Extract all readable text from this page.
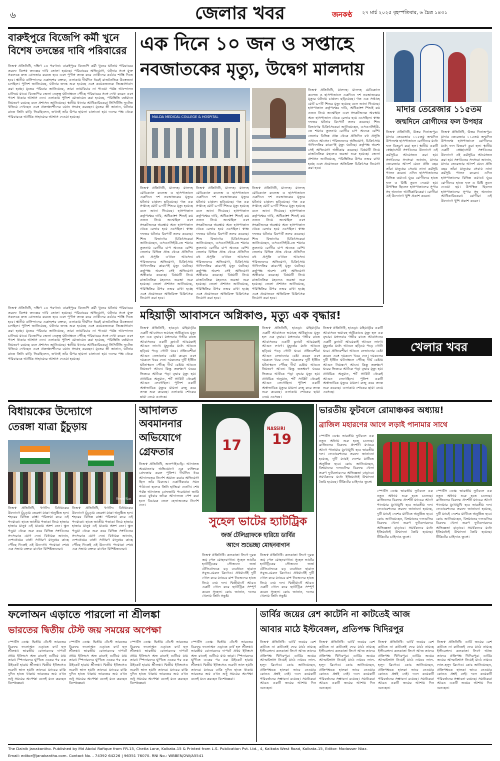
৬	জেলার খবর	জনকণ্ঠ ২৭ মার্চ ২০২৫ বৃহস্পতিবার, ৬ চৈত্র ১৪৩১
বারুইপুরে বিজেপি কর্মী খুনে বিশেষ তদন্তের দাবি পরিবারের
নিজস্ব প্রতিনিধি, দক্ষিণ ২৪ পরগনা: বারুইপুরে বিজেপি কর্মী খুনের ঘটনায় পরিবারের তরফে বিশেষ তদন্তের দাবি তোলা হয়েছে। পরিবারের অভিযোগ, ঘটনার সঙ্গে যুক্ত সকলকে দ্রুত গ্রেফতার করতে হবে এবং পূর্ণাঙ্গ তদন্ত করে দোষীদের কঠোর শাস্তি দিতে হবে। স্থানীয় বাসিন্দাদের একাংশের বক্তব্য, এলাকায় দীর্ঘদিন ধরেই রাজনৈতিক উত্তেজনা চলছিল। পুলিশ জানিয়েছে, ঘটনার তদন্ত শুরু হয়েছে এবং কয়েকজনকে জিজ্ঞাসাবাদ করা হচ্ছে। মৃতের পরিবার জানিয়েছে, তারা ন্যায়বিচার না পাওয়া পর্যন্ত আন্দোলন চালিয়ে যাবে। বিজেপির জেলা নেতৃত্ব ঘটনাস্থলে পৌঁছে পরিবারের সঙ্গে দেখা করেন এবং পাশে থাকার আশ্বাস দেন। এলাকায় পুলিশ মোতায়েন করা হয়েছে, পরিস্থিতি বর্তমানে নিয়ন্ত্রণে রয়েছে বলে প্রশাসন জানিয়েছে। স্থানীয় থানার আধিকারিকেরা সিসিটিভি ফুটেজ খতিয়ে দেখছেন এবং প্রত্যক্ষদর্শীদের বয়ান সংগ্রহ করছেন। মৃতের স্ত্রী জানান, ঘটনার রাতে তিনি বাড়ি ফিরছিলেন, তখনই তাঁর উপর হামলা চালানো হয়। দলের পক্ষ থেকে পরিবারকে আর্থিক সাহায্যের আশ্বাস দেওয়া হয়েছে।
এক দিনে ১০ জন ও সপ্তাহে
নবজাতকের মৃত্যু, উদ্বেগ মালদায়
MALDA MEDICAL COLLEGE & HOSPITAL
নিজস্ব প্রতিনিধি, মালদহ: মালদহ মেডিক্যাল কলেজ ও হাসপাতালে একদিনে দশ নবজাতকের মৃত্যুর ঘটনায় চাঞ্চল্য ছড়িয়েছে। গত এক সপ্তাহে মোট ৬০টি শিশুর মৃত্যু হয়েছে বলে জানা গিয়েছে। হাসপাতাল কর্তৃপক্ষের দাবি, অধিকাংশ শিশুই কম ওজন নিয়ে জন্মেছিল এবং সংকটজনক অবস্থায় অন্য হাসপাতাল থেকে রেফার হয়ে এসেছিল। স্বাস্থ্য দফতর ঘটনার রিপোর্ট তলব করেছে। শিশু বিভাগের চিকিৎসকেরা জানিয়েছেন, এসএনসিইউ-তে শয্যার তুলনায় রোগীর চাপ অনেক বেশি। জেলার বিভিন্ন প্রান্ত থেকে প্রতিদিন বহু প্রসূতি এখানে আসেন। পরিজনদের অভিযোগ, চিকিৎসায় গাফিলতির কারণেই মৃত্যু ঘটেছে। কর্তৃপক্ষ অবশ্য সেই অভিযোগ অস্বীকার করেছে। বিষয়টি নিয়ে রাজনৈতিক মহলেও তরজা শুরু হয়েছে। জেলা প্রশাসন জানিয়েছে, পরিস্থিতির উপর নজর রাখা হচ্ছে এবং প্রয়োজনে অতিরিক্ত চিকিৎসক নিয়োগ করা হবে।
নিজস্ব প্রতিনিধি, মালদহ: মালদহ মেডিক্যাল কলেজ ও হাসপাতালে একদিনে দশ নবজাতকের মৃত্যুর ঘটনায় চাঞ্চল্য ছড়িয়েছে। গত এক সপ্তাহে মোট ৬০টি শিশুর মৃত্যু হয়েছে বলে জানা গিয়েছে। হাসপাতাল কর্তৃপক্ষের দাবি, অধিকাংশ শিশুই কম ওজন নিয়ে জন্মেছিল এবং সংকটজনক অবস্থায় অন্য হাসপাতাল থেকে রেফার হয়ে এসেছিল। স্বাস্থ্য দফতর ঘটনার রিপোর্ট তলব করেছে। শিশু বিভাগের চিকিৎসকেরা জানিয়েছেন, এসএনসিইউ-তে শয্যার তুলনায় রোগীর চাপ অনেক বেশি। জেলার বিভিন্ন প্রান্ত থেকে প্রতিদিন বহু প্রসূতি এখানে আসেন। পরিজনদের অভিযোগ, চিকিৎসায় গাফিলতির কারণেই মৃত্যু ঘটেছে। কর্তৃপক্ষ অবশ্য সেই অভিযোগ অস্বীকার করেছে। বিষয়টি নিয়ে রাজনৈতিক মহলেও তরজা শুরু হয়েছে। জেলা প্রশাসন জানিয়েছে, পরিস্থিতির উপর নজর রাখা হচ্ছে এবং প্রয়োজনে অতিরিক্ত চিকিৎসক নিয়োগ করা হবে।
নিজস্ব প্রতিনিধি, মালদহ: মালদহ মেডিক্যাল কলেজ ও হাসপাতালে একদিনে দশ নবজাতকের মৃত্যুর ঘটনায় চাঞ্চল্য ছড়িয়েছে। গত এক সপ্তাহে মোট ৬০টি শিশুর মৃত্যু হয়েছে বলে জানা গিয়েছে। হাসপাতাল কর্তৃপক্ষের দাবি, অধিকাংশ শিশুই কম ওজন নিয়ে জন্মেছিল এবং সংকটজনক অবস্থায় অন্য হাসপাতাল থেকে রেফার হয়ে এসেছিল। স্বাস্থ্য দফতর ঘটনার রিপোর্ট তলব করেছে। শিশু বিভাগের চিকিৎসকেরা জানিয়েছেন, এসএনসিইউ-তে শয্যার তুলনায় রোগীর চাপ অনেক বেশি। জেলার বিভিন্ন প্রান্ত থেকে প্রতিদিন বহু প্রসূতি এখানে আসেন। পরিজনদের অভিযোগ, চিকিৎসায় গাফিলতির কারণেই মৃত্যু ঘটেছে। কর্তৃপক্ষ অবশ্য সেই অভিযোগ অস্বীকার করেছে। বিষয়টি নিয়ে রাজনৈতিক মহলেও তরজা শুরু হয়েছে। জেলা প্রশাসন জানিয়েছে, পরিস্থিতির উপর নজর রাখা হচ্ছে এবং প্রয়োজনে অতিরিক্ত চিকিৎসক নিয়োগ করা হবে।
নিজস্ব প্রতিনিধি, মালদহ: মালদহ মেডিক্যাল কলেজ ও হাসপাতালে একদিনে দশ নবজাতকের মৃত্যুর ঘটনায় চাঞ্চল্য ছড়িয়েছে। গত এক সপ্তাহে মোট ৬০টি শিশুর মৃত্যু হয়েছে বলে জানা গিয়েছে। হাসপাতাল কর্তৃপক্ষের দাবি, অধিকাংশ শিশুই কম ওজন নিয়ে জন্মেছিল এবং সংকটজনক অবস্থায় অন্য হাসপাতাল থেকে রেফার হয়ে এসেছিল। স্বাস্থ্য দফতর ঘটনার রিপোর্ট তলব করেছে। শিশু বিভাগের চিকিৎসকেরা জানিয়েছেন, এসএনসিইউ-তে শয্যার তুলনায় রোগীর চাপ অনেক বেশি। জেলার বিভিন্ন প্রান্ত থেকে প্রতিদিন বহু প্রসূতি এখানে আসেন। পরিজনদের অভিযোগ, চিকিৎসায় গাফিলতির কারণেই মৃত্যু ঘটেছে। কর্তৃপক্ষ অবশ্য সেই অভিযোগ অস্বীকার করেছে। বিষয়টি নিয়ে রাজনৈতিক মহলেও তরজা শুরু হয়েছে। জেলা প্রশাসন জানিয়েছে, পরিস্থিতির উপর নজর রাখা হচ্ছে এবং প্রয়োজনে অতিরিক্ত চিকিৎসক নিয়োগ করা হবে।
মাদার তেরেজার ১১৫তম
জন্মদিনে রোগীদের ফল উপহার
নিজস্ব প্রতিনিধি, উত্তর দিনাজপুর: মাদার তেরেজার ১১৫তম জন্মদিন উপলক্ষে হাসপাতালে রোগীদের মধ্যে ফল বিতরণ করা হল। স্থানীয় একটি স্বেচ্ছাসেবী সংগঠনের উদ্যোগে এই কর্মসূচির আয়োজন করা হয়। সংগঠনের সদস্যরা জানান, মাদার তেরেজার আদর্শ মেনে প্রতি বছর তাঁরা মানুষের সেবায় নানা কর্মসূচি পালন করেন। এদিন হাসপাতালের বিভিন্ন ওয়ার্ডে ঘুরে রোগীদের হাতে ফল ও মিষ্টি তুলে দেওয়া হয়। উপস্থিত ছিলেন হাসপাতালের সুপার সহ অন্যান্য আধিকারিকেরা। রোগীরা এই উদ্যোগে খুশি প্রকাশ করেন।
নিজস্ব প্রতিনিধি, উত্তর দিনাজপুর: মাদার তেরেজার ১১৫তম জন্মদিন উপলক্ষে হাসপাতালে রোগীদের মধ্যে ফল বিতরণ করা হল। স্থানীয় একটি স্বেচ্ছাসেবী সংগঠনের উদ্যোগে এই কর্মসূচির আয়োজন করা হয়। সংগঠনের সদস্যরা জানান, মাদার তেরেজার আদর্শ মেনে প্রতি বছর তাঁরা মানুষের সেবায় নানা কর্মসূচি পালন করেন। এদিন হাসপাতালের বিভিন্ন ওয়ার্ডে ঘুরে রোগীদের হাতে ফল ও মিষ্টি তুলে দেওয়া হয়। উপস্থিত ছিলেন হাসপাতালের সুপার সহ অন্যান্য আধিকারিকেরা। রোগীরা এই উদ্যোগে খুশি প্রকাশ করেন।
মহিয়াড়ী আবাসনে অগ্নিকাণ্ড, মৃত্যু এক বৃদ্ধার!
নিজস্ব প্রতিনিধি, হাওড়া: মহিয়াড়ীর একটি আবাসনে ভয়াবহ অগ্নিকাণ্ডে মৃত্যু হল এক বৃদ্ধার। মঙ্গলবার গভীর রাতে আবাসনের একটি ফ্ল্যাটে আচমকাই আগুন লাগে। মুহূর্তের মধ্যে আগুন ছড়িয়ে পড়ে গোটা ঘরে। প্রতিবেশীরা আগুন নেভানোর চেষ্টা করেন এবং দমকলে খবর দেন। দমকলের দুটি ইঞ্জিন ঘটনাস্থলে পৌঁছে দীর্ঘ চেষ্টায় আগুন নিয়ন্ত্রণে আনে। কিন্তু ততক্ষণে ঘরের ভিতরে আটকে পড়া বৃদ্ধার মৃত্যু হয়। প্রাথমিক অনুমান, শর্ট সার্কিট থেকেই আগুন লেগেছিল। পুলিশ একটি অস্বাভাবিক মৃত্যুর মামলা রুজু করে তদন্ত শুরু করেছে। এলাকায় শোকের ছায়া নেমে এসেছে।
নিজস্ব প্রতিনিধি, হাওড়া: মহিয়াড়ীর একটি আবাসনে ভয়াবহ অগ্নিকাণ্ডে মৃত্যু হল এক বৃদ্ধার। মঙ্গলবার গভীর রাতে আবাসনের একটি ফ্ল্যাটে আচমকাই আগুন লাগে। মুহূর্তের মধ্যে আগুন ছড়িয়ে পড়ে গোটা ঘরে। প্রতিবেশীরা আগুন নেভানোর চেষ্টা করেন এবং দমকলে খবর দেন। দমকলের দুটি ইঞ্জিন ঘটনাস্থলে পৌঁছে দীর্ঘ চেষ্টায় আগুন নিয়ন্ত্রণে আনে। কিন্তু ততক্ষণে ঘরের ভিতরে আটকে পড়া বৃদ্ধার মৃত্যু হয়। প্রাথমিক অনুমান, শর্ট সার্কিট থেকেই আগুন লেগেছিল। পুলিশ একটি অস্বাভাবিক মৃত্যুর মামলা রুজু করে তদন্ত শুরু করেছে। এলাকায় শোকের ছায়া নেমে এসেছে।
নিজস্ব প্রতিনিধি, হাওড়া: মহিয়াড়ীর একটি আবাসনে ভয়াবহ অগ্নিকাণ্ডে মৃত্যু হল এক বৃদ্ধার। মঙ্গলবার গভীর রাতে আবাসনের একটি ফ্ল্যাটে আচমকাই আগুন লাগে। মুহূর্তের মধ্যে আগুন ছড়িয়ে পড়ে গোটা ঘরে। প্রতিবেশীরা আগুন নেভানোর চেষ্টা করেন এবং দমকলে খবর দেন। দমকলের দুটি ইঞ্জিন ঘটনাস্থলে পৌঁছে দীর্ঘ চেষ্টায় আগুন নিয়ন্ত্রণে আনে। কিন্তু ততক্ষণে ঘরের ভিতরে আটকে পড়া বৃদ্ধার মৃত্যু হয়। প্রাথমিক অনুমান, শর্ট সার্কিট থেকেই আগুন লেগেছিল। পুলিশ একটি অস্বাভাবিক মৃত্যুর মামলা রুজু করে তদন্ত শুরু করেছে। এলাকায় শোকের ছায়া নেমে এসেছে।
নিজস্ব প্রতিনিধি, দক্ষিণ ২৪ পরগনা: বারুইপুরে বিজেপি কর্মী খুনের ঘটনায় পরিবারের তরফে বিশেষ তদন্তের দাবি তোলা হয়েছে। পরিবারের অভিযোগ, ঘটনার সঙ্গে যুক্ত সকলকে দ্রুত গ্রেফতার করতে হবে এবং পূর্ণাঙ্গ তদন্ত করে দোষীদের কঠোর শাস্তি দিতে হবে। স্থানীয় বাসিন্দাদের একাংশের বক্তব্য, এলাকায় দীর্ঘদিন ধরেই রাজনৈতিক উত্তেজনা চলছিল। পুলিশ জানিয়েছে, ঘটনার তদন্ত শুরু হয়েছে এবং কয়েকজনকে জিজ্ঞাসাবাদ করা হচ্ছে। মৃতের পরিবার জানিয়েছে, তারা ন্যায়বিচার না পাওয়া পর্যন্ত আন্দোলন চালিয়ে যাবে। বিজেপির জেলা নেতৃত্ব ঘটনাস্থলে পৌঁছে পরিবারের সঙ্গে দেখা করেন এবং পাশে থাকার আশ্বাস দেন। এলাকায় পুলিশ মোতায়েন করা হয়েছে, পরিস্থিতি বর্তমানে নিয়ন্ত্রণে রয়েছে বলে প্রশাসন জানিয়েছে। স্থানীয় থানার আধিকারিকেরা সিসিটিভি ফুটেজ খতিয়ে দেখছেন এবং প্রত্যক্ষদর্শীদের বয়ান সংগ্রহ করছেন। মৃতের স্ত্রী জানান, ঘটনার রাতে তিনি বাড়ি ফিরছিলেন, তখনই তাঁর উপর হামলা চালানো হয়। দলের পক্ষ থেকে পরিবারকে আর্থিক সাহায্যের আশ্বাস দেওয়া হয়েছে।
খেলার খবর
বিধায়কের উদ্যোগে
তেরঙ্গা যাত্রা চুঁচুড়ায়
নিজস্ব চিত্র
নিজস্ব প্রতিনিধি, হুগলি: বিধায়কের উদ্যোগে চুঁচুড়ায় তেরঙ্গা যাত্রা অনুষ্ঠিত হল। শহরের বিভিন্ন রাস্তা পরিক্রমা করে এই পদযাত্রা। হাতে জাতীয় পতাকা নিয়ে হাজার হাজার মানুষ এই যাত্রায় অংশ নেন। স্কুল পড়ুয়া থেকে শুরু করে বিভিন্ন সংগঠনের সদস্যরাও যোগ দেন। বিধায়ক জানান, দেশপ্রেমের বার্তা সাধারণ মানুষের কাছে পৌঁছে দিতেই এই উদ্যোগ। পদযাত্রা শেষে এক সভায় বক্তব্য রাখেন বিশিষ্টজনেরা।
নিজস্ব প্রতিনিধি, হুগলি: বিধায়কের উদ্যোগে চুঁচুড়ায় তেরঙ্গা যাত্রা অনুষ্ঠিত হল। শহরের বিভিন্ন রাস্তা পরিক্রমা করে এই পদযাত্রা। হাতে জাতীয় পতাকা নিয়ে হাজার হাজার মানুষ এই যাত্রায় অংশ নেন। স্কুল পড়ুয়া থেকে শুরু করে বিভিন্ন সংগঠনের সদস্যরাও যোগ দেন। বিধায়ক জানান, দেশপ্রেমের বার্তা সাধারণ মানুষের কাছে পৌঁছে দিতেই এই উদ্যোগ। পদযাত্রা শেষে এক সভায় বক্তব্য রাখেন বিশিষ্টজনেরা।
আদালত
অবমাননার
অভিযোগে
গ্রেফতার
নিজস্ব প্রতিনিধি, জলপাইগুড়ি: আদালত অবমাননার অভিযোগে এক ব্যক্তিকে গ্রেফতার করল পুলিশ। দীর্ঘদিন ধরে আদালতের নির্দেশ অমান্য করার অভিযোগ ছিল তাঁর বিরুদ্ধে। একাধিকবার সমন পাঠানো হলেও তিনি হাজিরা দেননি। শেষ পর্যন্ত আদালত গ্রেফতারি পরোয়ানা জারি করে। বুধবার তাঁকে আদালতে পেশ করা হলে বিচারক জেল হেফাজতের নির্দেশ দেন।
17
NASSIRI
19
সুহেল ভাটের হ্যাটট্রিক
জর্জ টেলিগ্রাফকে হারিয়ে ডার্বির
আগে শুভেচ্ছা মোহনবাগান
নিজস্ব প্রতিনিধি: কলকাতা লিগে দুরন্ত জয় পেল মোহনবাগান। সুহেল ভাটের হ্যাটট্রিকের সৌজন্যে জর্জ টেলিগ্রাফকে বড় ব্যবধানে হারাল সবুজ-মেরুন ব্রিগেড। প্রথমার্ধেই দুটি গোল করে ম্যাচের রাশ নিজেদের হাতে নিয়ে নেয় দল। দ্বিতীয়ার্ধে আরও একটি গোল করে হ্যাটট্রিক সম্পূর্ণ করেন সুহেল। কোচ জানান, দলের খেলায় তিনি সন্তুষ্ট।
নিজস্ব প্রতিনিধি: কলকাতা লিগে দুরন্ত জয় পেল মোহনবাগান। সুহেল ভাটের হ্যাটট্রিকের সৌজন্যে জর্জ টেলিগ্রাফকে বড় ব্যবধানে হারাল সবুজ-মেরুন ব্রিগেড। প্রথমার্ধেই দুটি গোল করে ম্যাচের রাশ নিজেদের হাতে নিয়ে নেয় দল। দ্বিতীয়ার্ধে আরও একটি গোল করে হ্যাটট্রিক সম্পূর্ণ করেন সুহেল। কোচ জানান, দলের খেলায় তিনি সন্তুষ্ট।
ভারতীয় ফুটবলে রোমাঞ্চকর অধ্যায়!
ব্রাজিল মহারণের আগে লড়াই পানামার সাথে
স্পোর্টস ডেস্ক: ভারতীয় ফুটবলে এক নতুন অধ্যায় শুরু হতে চলেছে। ব্রাজিলের বিরুদ্ধে প্রদর্শনী ম্যাচের আগে পানামার মুখোমুখি হবে ভারতীয় দল। ফেডারেশনের তরফে জানানো হয়েছে, দুটি ম্যাচই দেশের মাটিতে অনুষ্ঠিত হবে। কোচ জানিয়েছেন, বিশ্বমানের দলগুলির বিরুদ্ধে খেলা তরুণ ফুটবলারদের অভিজ্ঞতা বাড়াবে। সমর্থকদের মধ্যে ইতিমধ্যেই উন্মাদনা তৈরি হয়েছে। টিকিটের চাহিদাও তুঙ্গে।
স্পোর্টস ডেস্ক: ভারতীয় ফুটবলে এক নতুন অধ্যায় শুরু হতে চলেছে। ব্রাজিলের বিরুদ্ধে প্রদর্শনী ম্যাচের আগে পানামার মুখোমুখি হবে ভারতীয় দল। ফেডারেশনের তরফে জানানো হয়েছে, দুটি ম্যাচই দেশের মাটিতে অনুষ্ঠিত হবে। কোচ জানিয়েছেন, বিশ্বমানের দলগুলির বিরুদ্ধে খেলা তরুণ ফুটবলারদের অভিজ্ঞতা বাড়াবে। সমর্থকদের মধ্যে ইতিমধ্যেই উন্মাদনা তৈরি হয়েছে। টিকিটের চাহিদাও তুঙ্গে।
স্পোর্টস ডেস্ক: ভারতীয় ফুটবলে এক নতুন অধ্যায় শুরু হতে চলেছে। ব্রাজিলের বিরুদ্ধে প্রদর্শনী ম্যাচের আগে পানামার মুখোমুখি হবে ভারতীয় দল। ফেডারেশনের তরফে জানানো হয়েছে, দুটি ম্যাচই দেশের মাটিতে অনুষ্ঠিত হবে। কোচ জানিয়েছেন, বিশ্বমানের দলগুলির বিরুদ্ধে খেলা তরুণ ফুটবলারদের অভিজ্ঞতা বাড়াবে। সমর্থকদের মধ্যে ইতিমধ্যেই উন্মাদনা তৈরি হয়েছে। টিকিটের চাহিদাও তুঙ্গে।
ফলোঅন এড়াতে পারলো না শ্রীলঙ্কা
ভারতের দ্বিতীয় টেস্ট জয় সময়ের অপেক্ষা
স্পোর্টস ডেস্ক: দ্বিতীয় টেস্টে ভারতের বিরুদ্ধে ফলোঅন এড়াতে ব্যর্থ হল শ্রীলঙ্কা। ভারতীয় বোলারদের দাপটে প্রথম ইনিংসে অল্প রানেই গুটিয়ে যায় তারা। স্পিনারদের ঘূর্ণিতে একের পর এক উইকেট হারায় শ্রীলঙ্কা। দ্বিতীয় ইনিংসেও শুরুটা ভাল হয়নি তাদের। ম্যাচের বাকি দুদিন হাতে থাকায় ভারতের জয় এখন শুধু সময়ের অপেক্ষা বলেই মনে করছেন বিশেষজ্ঞরা।
স্পোর্টস ডেস্ক: দ্বিতীয় টেস্টে ভারতের বিরুদ্ধে ফলোঅন এড়াতে ব্যর্থ হল শ্রীলঙ্কা। ভারতীয় বোলারদের দাপটে প্রথম ইনিংসে অল্প রানেই গুটিয়ে যায় তারা। স্পিনারদের ঘূর্ণিতে একের পর এক উইকেট হারায় শ্রীলঙ্কা। দ্বিতীয় ইনিংসেও শুরুটা ভাল হয়নি তাদের। ম্যাচের বাকি দুদিন হাতে থাকায় ভারতের জয় এখন শুধু সময়ের অপেক্ষা বলেই মনে করছেন বিশেষজ্ঞরা।
স্পোর্টস ডেস্ক: দ্বিতীয় টেস্টে ভারতের বিরুদ্ধে ফলোঅন এড়াতে ব্যর্থ হল শ্রীলঙ্কা। ভারতীয় বোলারদের দাপটে প্রথম ইনিংসে অল্প রানেই গুটিয়ে যায় তারা। স্পিনারদের ঘূর্ণিতে একের পর এক উইকেট হারায় শ্রীলঙ্কা। দ্বিতীয় ইনিংসেও শুরুটা ভাল হয়নি তাদের। ম্যাচের বাকি দুদিন হাতে থাকায় ভারতের জয় এখন শুধু সময়ের অপেক্ষা বলেই মনে করছেন বিশেষজ্ঞরা।
স্পোর্টস ডেস্ক: দ্বিতীয় টেস্টে ভারতের বিরুদ্ধে ফলোঅন এড়াতে ব্যর্থ হল শ্রীলঙ্কা। ভারতীয় বোলারদের দাপটে প্রথম ইনিংসে অল্প রানেই গুটিয়ে যায় তারা। স্পিনারদের ঘূর্ণিতে একের পর এক উইকেট হারায় শ্রীলঙ্কা। দ্বিতীয় ইনিংসেও শুরুটা ভাল হয়নি তাদের। ম্যাচের বাকি দুদিন হাতে থাকায় ভারতের জয় এখন শুধু সময়ের অপেক্ষা বলেই মনে করছেন বিশেষজ্ঞরা।
ডার্বির জয়ের রেশ কাটেনি না কাটতেই আজ
আবার মাঠে ইস্টবেঙ্গল, প্রতিপক্ষ খিদিরপুর
নিজস্ব প্রতিনিধি: ডার্বি জয়ের রেশ কাটতে না কাটতেই ফের মাঠে নামছে ইস্টবেঙ্গল। কলকাতা লিগে আজ তাদের প্রতিপক্ষ খিদিরপুর। ডার্বির জয়ের আত্মবিশ্বাস নিয়েই মাঠে নামবে লাল-হলুদ ব্রিগেড। কোচ জানিয়েছেন, প্রতিপক্ষকে হালকা ভাবে নেওয়ার কোনও প্রশ্নই নেই। দলে কয়েকটি পরিবর্তনের সম্ভাবনা রয়েছে। সমর্থকেরা আরও একটি জয়ের আশায় দিন গুনছেন।
নিজস্ব প্রতিনিধি: ডার্বি জয়ের রেশ কাটতে না কাটতেই ফের মাঠে নামছে ইস্টবেঙ্গল। কলকাতা লিগে আজ তাদের প্রতিপক্ষ খিদিরপুর। ডার্বির জয়ের আত্মবিশ্বাস নিয়েই মাঠে নামবে লাল-হলুদ ব্রিগেড। কোচ জানিয়েছেন, প্রতিপক্ষকে হালকা ভাবে নেওয়ার কোনও প্রশ্নই নেই। দলে কয়েকটি পরিবর্তনের সম্ভাবনা রয়েছে। সমর্থকেরা আরও একটি জয়ের আশায় দিন গুনছেন।
নিজস্ব প্রতিনিধি: ডার্বি জয়ের রেশ কাটতে না কাটতেই ফের মাঠে নামছে ইস্টবেঙ্গল। কলকাতা লিগে আজ তাদের প্রতিপক্ষ খিদিরপুর। ডার্বির জয়ের আত্মবিশ্বাস নিয়েই মাঠে নামবে লাল-হলুদ ব্রিগেড। কোচ জানিয়েছেন, প্রতিপক্ষকে হালকা ভাবে নেওয়ার কোনও প্রশ্নই নেই। দলে কয়েকটি পরিবর্তনের সম্ভাবনা রয়েছে। সমর্থকেরা আরও একটি জয়ের আশায় দিন গুনছেন।
নিজস্ব প্রতিনিধি: ডার্বি জয়ের রেশ কাটতে না কাটতেই ফের মাঠে নামছে ইস্টবেঙ্গল। কলকাতা লিগে আজ তাদের প্রতিপক্ষ খিদিরপুর। ডার্বির জয়ের আত্মবিশ্বাস নিয়েই মাঠে নামবে লাল-হলুদ ব্রিগেড। কোচ জানিয়েছেন, প্রতিপক্ষকে হালকা ভাবে নেওয়ার কোনও প্রশ্নই নেই। দলে কয়েকটি পরিবর্তনের সম্ভাবনা রয়েছে। সমর্থকেরা আরও একটি জয়ের আশায় দিন গুনছেন।
The Dainik Janakantho. Published by Md Abdul Rafique from FR-15, Chetla Lane, Kolkata-15 & Printed from L.S. Publication Pvt. Ltd., 4, Kalkata West Road, Kolkata-15, Editor: Modasser Niaz.
Email: editor@janakantho.com. Contact No. - 74392 64226 | 96351 76070. RNI No.: WBBEN/2W/A5541
